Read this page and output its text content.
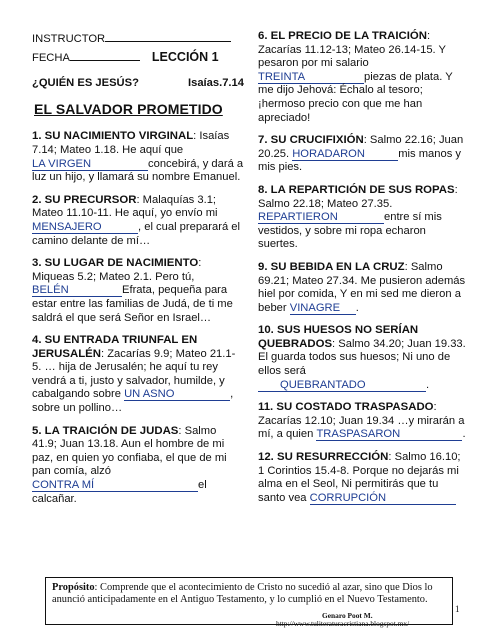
INSTRUCTOR
FECHA	LECCIÓN 1
¿QUIÉN ES JESÚS?	Isaías.7.14
EL SALVADOR PROMETIDO
1. SU NACIMIENTO VIRGINAL: Isaías 7.14; Mateo 1.18. He aquí que LA VIRGEN	concebirá, y dará a luz un hijo, y llamará su nombre Emanuel.
2. SU PRECURSOR: Malaquías 3.1; Mateo 11.10-11. He aquí, yo envío mi MENSAJERO	, el cual preparará el camino delante de mí…
3. SU LUGAR DE NACIMIENTO: Miqueas 5.2; Mateo 2.1. Pero tú, BELÉN	Efrata, pequeña para estar entre las familias de Judá, de ti me saldrá el que será Señor en Israel…
4. SU ENTRADA TRIUNFAL EN JERUSALÉN: Zacarías 9.9; Mateo 21.1-5. … hija de Jerusalén; he aquí tu rey vendrá a ti, justo y salvador, humilde, y cabalgando sobre UN ASNO	, sobre un pollino…
5. LA TRAICIÓN DE JUDAS: Salmo 41.9; Juan 13.18. Aun el hombre de mi paz, en quien yo confiaba, el que de mi pan comía, alzó CONTRA MÍ	el calcañar.
6. EL PRECIO DE LA TRAICIÓN: Zacarías 11.12-13; Mateo 26.14-15. Y pesaron por mi salario TREINTA	piezas de plata. Y me dijo Jehová: Échalo al tesoro; ¡hermoso precio con que me han apreciado!
7. SU CRUCIFIXIÓN: Salmo 22.16; Juan 20.25. HORADARON	mis manos y mis pies.
8. LA REPARTICIÓN DE SUS ROPAS: Salmo 22.18; Mateo 27.35. REPARTIERON	entre sí mis vestidos, y sobre mi ropa echaron suertes.
9. SU BEBIDA EN LA CRUZ: Salmo 69.21; Mateo 27.34. Me pusieron además hiel por comida, Y en mi sed me dieron a beber VINAGRE .
10. SUS HUESOS NO SERÍAN QUEBRADOS: Salmo 34.20; Juan 19.33. El guarda todos sus huesos; Ni uno de ellos será
QUEBRANTADO	.
11. SU COSTADO TRASPASADO: Zacarías 12.10; Juan 19.34 …y mirarán a mí, a quien TRASPASARON	.
12. SU RESURRECCIÓN: Salmo 16.10; 1 Corintios 15.4-8. Porque no dejarás mi alma en el Seol, Ni permitirás que tu santo vea CORRUPCIÓN
Propósito: Comprende que el acontecimiento de Cristo no sucedió al azar, sino que Dios lo anunció anticipadamente en el Antiguo Testamento, y lo cumplió en el Nuevo Testamento.
Genaro Poot M.
http://www.tuliteraturacristiana.blogspot.mx/
1
